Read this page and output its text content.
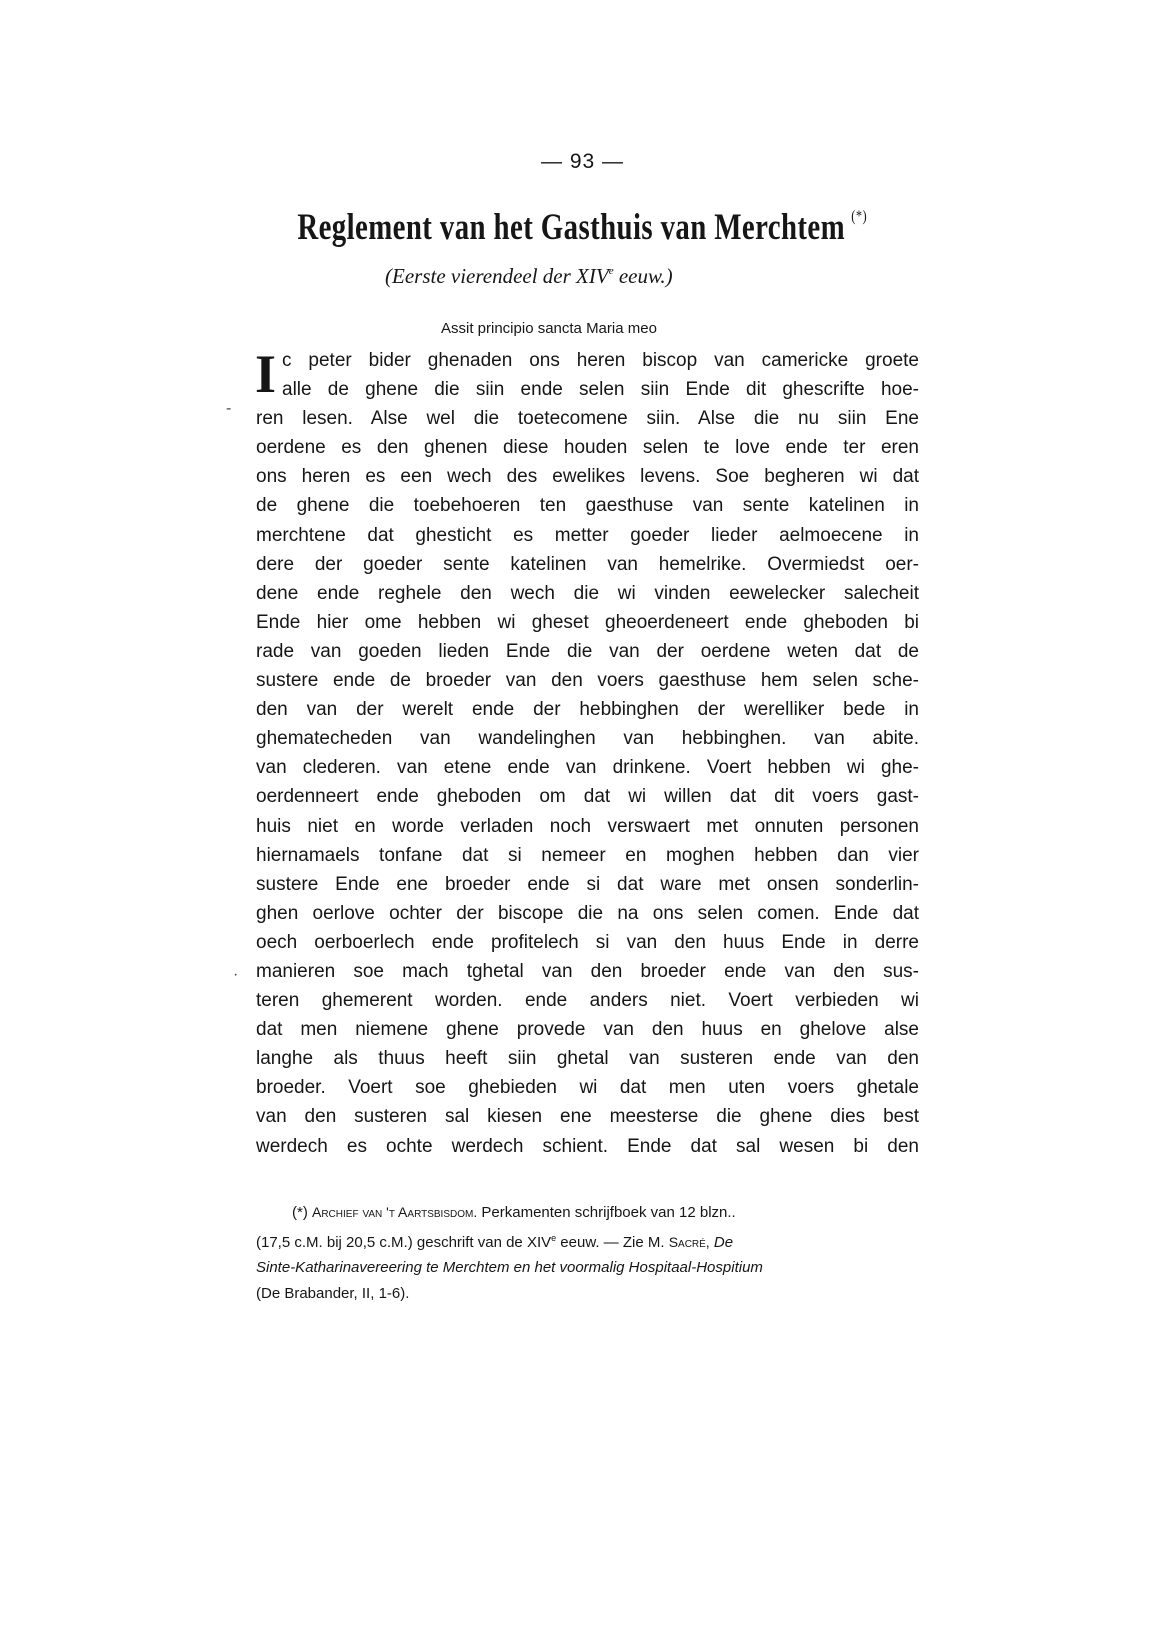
— 93 —
Reglement van het Gasthuis van Merchtem (*)
(Eerste vierendeel der XIVe eeuw.)
Assit principio sancta Maria meo
I
-
·
c peter bider ghenaden ons heren biscop van camericke groete
alle de ghene die siin ende selen siin Ende dit ghescrifte hoe-
ren lesen. Alse wel die toetecomene siin. Alse die nu siin Ene
oerdene es den ghenen diese houden selen te love ende ter eren
ons heren es een wech des ewelikes levens. Soe begheren wi dat
de ghene die toebehoeren ten gaesthuse van sente katelinen in
merchtene dat ghesticht es metter goeder lieder aelmoecene in
dere der goeder sente katelinen van hemelrike. Overmiedst oer-
dene ende reghele den wech die wi vinden eewelecker salecheit
Ende hier ome hebben wi gheset gheoerdeneert ende gheboden bi
rade van goeden lieden Ende die van der oerdene weten dat de
sustere ende de broeder van den voers gaesthuse hem selen sche-
den van der werelt ende der hebbinghen der werelliker bede in
ghematecheden van wandelinghen van hebbinghen. van abite.
van clederen. van etene ende van drinkene. Voert hebben wi ghe-
oerdenneert ende gheboden om dat wi willen dat dit voers gast-
huis niet en worde verladen noch verswaert met onnuten personen
hiernamaels tonfane dat si nemeer en moghen hebben dan vier
sustere Ende ene broeder ende si dat ware met onsen sonderlin-
ghen oerlove ochter der biscope die na ons selen comen. Ende dat
oech oerboerlech ende profitelech si van den huus Ende in derre
manieren soe mach tghetal van den broeder ende van den sus-
teren ghemerent worden. ende anders niet. Voert verbieden wi
dat men niemene ghene provede van den huus en ghelove alse
langhe als thuus heeft siin ghetal van susteren ende van den
broeder. Voert soe ghebieden wi dat men uten voers ghetale
van den susteren sal kiesen ene meesterse die ghene dies best
werdech es ochte werdech schient. Ende dat sal wesen bi den
(*) Archief van 't Aartsbisdom. Perkamenten schrijfboek van 12 blzn..
(17,5 c.M. bij 20,5 c.M.) geschrift van de XIVe eeuw. — Zie M. Sacré, De
Sinte-Katharinavereering te Merchtem en het voormalig Hospitaal-Hospitium
(De Brabander, II, 1-6).
